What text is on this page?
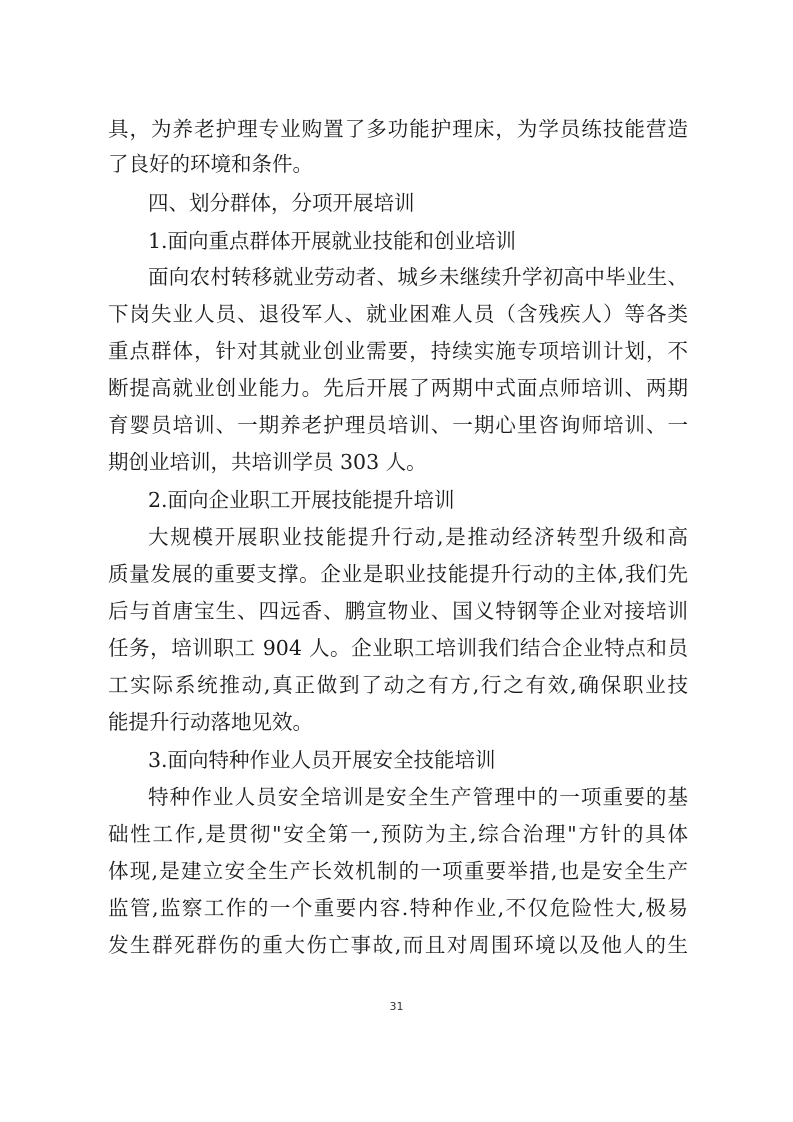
具，为养老护理专业购置了多功能护理床，为学员练技能营造
了良好的环境和条件。
四、划分群体，分项开展培训
1.面向重点群体开展就业技能和创业培训
面向农村转移就业劳动者、城乡未继续升学初高中毕业生、
下岗失业人员、退役军人、就业困难人员（含残疾人）等各类
重点群体，针对其就业创业需要，持续实施专项培训计划，不
断提高就业创业能力。先后开展了两期中式面点师培训、两期
育婴员培训、一期养老护理员培训、一期心里咨询师培训、一
期创业培训，共培训学员 303 人。
2.面向企业职工开展技能提升培训
大规模开展职业技能提升行动,是推动经济转型升级和高
质量发展的重要支撑。企业是职业技能提升行动的主体,我们先
后与首唐宝生、四远香、鹏宣物业、国义特钢等企业对接培训
任务，培训职工 904 人。企业职工培训我们结合企业特点和员
工实际系统推动,真正做到了动之有方,行之有效,确保职业技
能提升行动落地见效。
3.面向特种作业人员开展安全技能培训
特种作业人员安全培训是安全生产管理中的一项重要的基
础性工作,是贯彻"安全第一,预防为主,综合治理"方针的具体
体现,是建立安全生产长效机制的一项重要举措,也是安全生产
监管,监察工作的一个重要内容.特种作业,不仅危险性大,极易
发生群死群伤的重大伤亡事故,而且对周围环境以及他人的生
31
